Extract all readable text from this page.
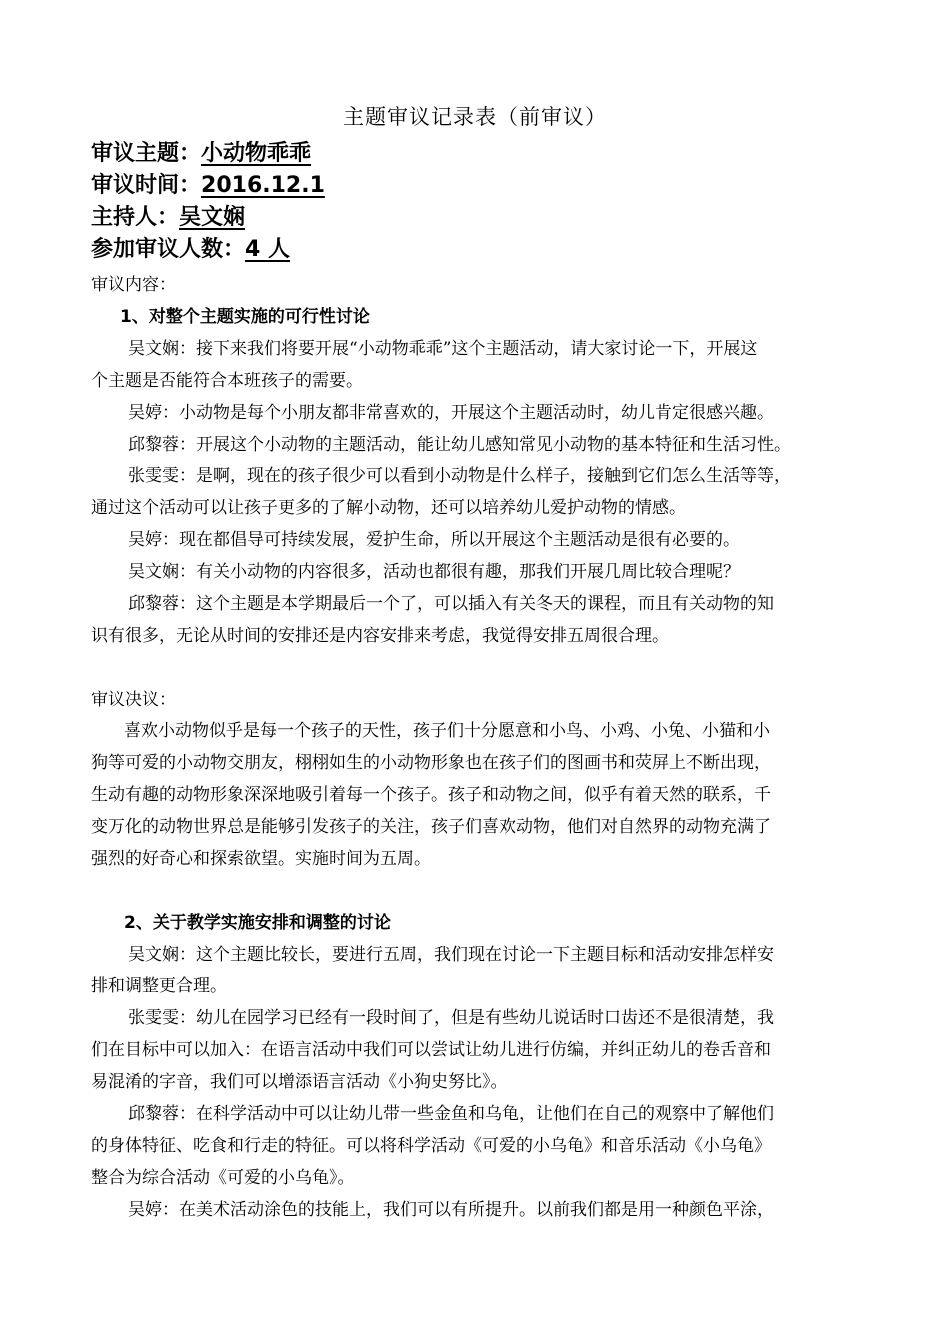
主题审议记录表（前审议）
审议主题：小动物乖乖
审议时间：2016.12.1
主持人：吴文娴
参加审议人数：4 人
审议内容：
1、对整个主题实施的可行性讨论
吴文娴：接下来我们将要开展“小动物乖乖”这个主题活动，请大家讨论一下，开展这
个主题是否能符合本班孩子的需要。
吴婷：小动物是每个小朋友都非常喜欢的，开展这个主题活动时，幼儿肯定很感兴趣。
邱黎蓉：开展这个小动物的主题活动，能让幼儿感知常见小动物的基本特征和生活习性。
张雯雯：是啊，现在的孩子很少可以看到小动物是什么样子，接触到它们怎么生活等等，
通过这个活动可以让孩子更多的了解小动物，还可以培养幼儿爱护动物的情感。
吴婷：现在都倡导可持续发展，爱护生命，所以开展这个主题活动是很有必要的。
吴文娴：有关小动物的内容很多，活动也都很有趣，那我们开展几周比较合理呢？
邱黎蓉：这个主题是本学期最后一个了，可以插入有关冬天的课程，而且有关动物的知
识有很多，无论从时间的安排还是内容安排来考虑，我觉得安排五周很合理。
审议决议：
喜欢小动物似乎是每一个孩子的天性，孩子们十分愿意和小鸟、小鸡、小兔、小猫和小
狗等可爱的小动物交朋友，栩栩如生的小动物形象也在孩子们的图画书和荧屏上不断出现，
生动有趣的动物形象深深地吸引着每一个孩子。孩子和动物之间，似乎有着天然的联系，千
变万化的动物世界总是能够引发孩子的关注，孩子们喜欢动物，他们对自然界的动物充满了
强烈的好奇心和探索欲望。实施时间为五周。
2、关于教学实施安排和调整的讨论
吴文娴：这个主题比较长，要进行五周，我们现在讨论一下主题目标和活动安排怎样安
排和调整更合理。
张雯雯：幼儿在园学习已经有一段时间了，但是有些幼儿说话时口齿还不是很清楚，我
们在目标中可以加入：在语言活动中我们可以尝试让幼儿进行仿编，并纠正幼儿的卷舌音和
易混淆的字音，我们可以增添语言活动《小狗史努比》。
邱黎蓉：在科学活动中可以让幼儿带一些金鱼和乌龟，让他们在自己的观察中了解他们
的身体特征、吃食和行走的特征。可以将科学活动《可爱的小乌龟》和音乐活动《小乌龟》
整合为综合活动《可爱的小乌龟》。
吴婷：在美术活动涂色的技能上，我们可以有所提升。以前我们都是用一种颜色平涂，
